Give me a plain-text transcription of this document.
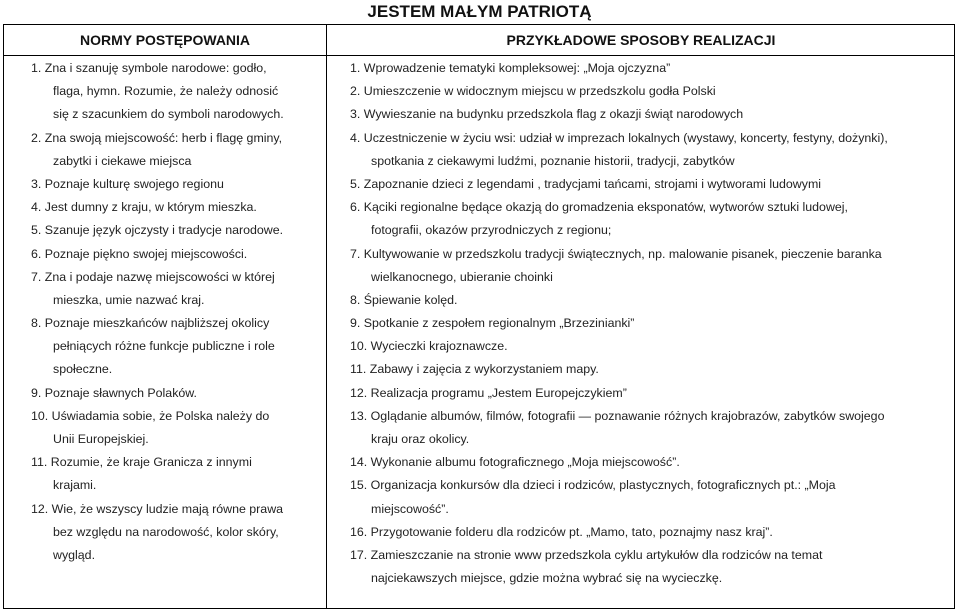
JESTEM MAŁYM PATRIOTĄ
NORMY POSTĘPOWANIA	PRZYKŁADOWE SPOSOBY REALIZACJI
1. Zna i szanuję symbole narodowe: godło,
flaga, hymn. Rozumie, że należy odnosić
się z szacunkiem do symboli narodowych.
2. Zna swoją miejscowość: herb i flagę gminy,
zabytki i ciekawe miejsca
3. Poznaje kulturę swojego regionu
4. Jest dumny z kraju, w którym mieszka.
5. Szanuje język ojczysty i tradycje narodowe.
6. Poznaje piękno swojej miejscowości.
7. Zna i podaje nazwę miejscowości w której
mieszka, umie nazwać kraj.
8. Poznaje mieszkańców najbliższej okolicy
pełniących różne funkcje publiczne i role
społeczne.
9. Poznaje sławnych Polaków.
10. Uświadamia sobie, że Polska należy do
Unii Europejskiej.
11. Rozumie, że kraje Granicza z innymi
krajami.
12. Wie, że wszyscy ludzie mają równe prawa
bez względu na narodowość, kolor skóry,
wygląd.
1. Wprowadzenie tematyki kompleksowej: „Moja ojczyzna”
2. Umieszczenie w widocznym miejscu w przedszkolu godła Polski
3. Wywieszanie na budynku przedszkola flag z okazji świąt narodowych
4. Uczestniczenie w życiu wsi: udział w imprezach lokalnych (wystawy, koncerty, festyny, dożynki),
spotkania z ciekawymi ludźmi, poznanie historii, tradycji, zabytków
5. Zapoznanie dzieci z legendami , tradycjami tańcami, strojami i wytworami ludowymi
6. Kąciki regionalne będące okazją do gromadzenia eksponatów, wytworów sztuki ludowej,
fotografii, okazów przyrodniczych z regionu;
7. Kultywowanie w przedszkolu tradycji świątecznych, np. malowanie pisanek, pieczenie baranka
wielkanocnego, ubieranie choinki
8. Śpiewanie kolęd.
9. Spotkanie z zespołem regionalnym „Brzezinianki”
10. Wycieczki krajoznawcze.
11. Zabawy i zajęcia z wykorzystaniem mapy.
12. Realizacja programu „Jestem Europejczykiem”
13. Oglądanie albumów, filmów, fotografii — poznawanie różnych krajobrazów, zabytków swojego
kraju oraz okolicy.
14. Wykonanie albumu fotograficznego „Moja miejscowość”.
15. Organizacja konkursów dla dzieci i rodziców, plastycznych, fotograficznych pt.: „Moja
miejscowość”.
16. Przygotowanie folderu dla rodziców pt. „Mamo, tato, poznajmy nasz kraj”.
17. Zamieszczanie na stronie www przedszkola cyklu artykułów dla rodziców na temat
najciekawszych miejsce, gdzie można wybrać się na wycieczkę.
